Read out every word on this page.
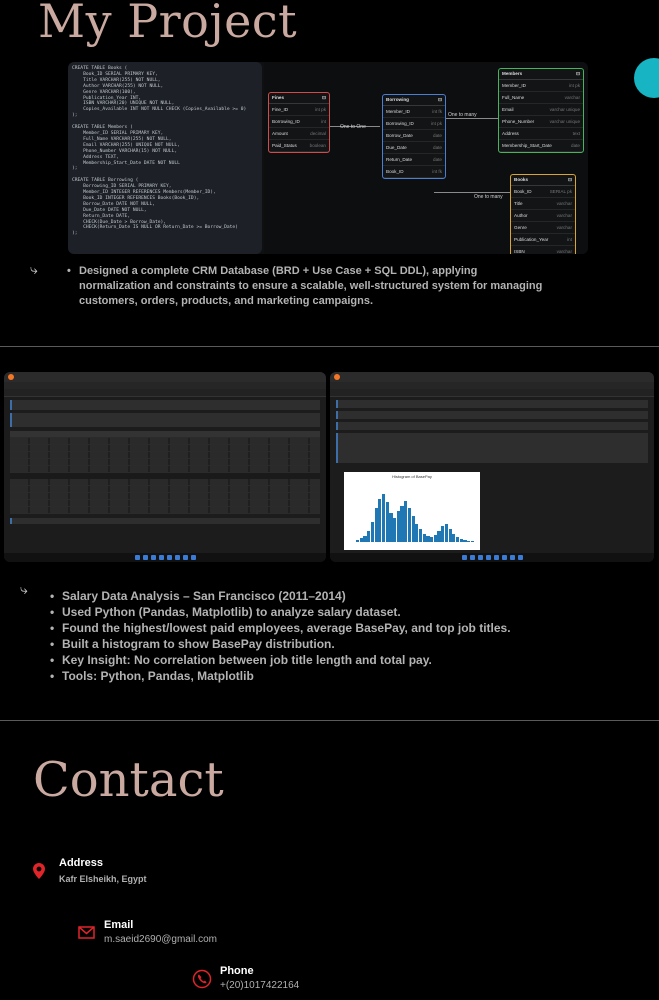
My Project
CREATE TABLE Books (
Book_ID SERIAL PRIMARY KEY,
Title VARCHAR(255) NOT NULL,
Author VARCHAR(255) NOT NULL,
Genre VARCHAR(100),
Publication_Year INT,
ISBN VARCHAR(20) UNIQUE NOT NULL,
Copies_Available INT NOT NULL CHECK (Copies_Available >= 0)
);

CREATE TABLE Members (
Member_ID SERIAL PRIMARY KEY,
Full_Name VARCHAR(255) NOT NULL,
Email VARCHAR(255) UNIQUE NOT NULL,
Phone_Number VARCHAR(15) NOT NULL,
Address TEXT,
Membership_Start_Date DATE NOT NULL
);

CREATE TABLE Borrowing (
Borrowing_ID SERIAL PRIMARY KEY,
Member_ID INTEGER REFERENCES Members(Member_ID),
Book_ID INTEGER REFERENCES Books(Book_ID),
Borrow_Date DATE NOT NULL,
Due_Date DATE NOT NULL,
Return_Date DATE,
CHECK(Due_Date > Borrow_Date),
CHECK(Return_Date IS NULL OR Return_Date >= Borrow_Date)
);
One to One
One to many
One to many
Fines	⊡
Fine_ID	int pk
Borrowing_ID	int
Amount	decimal
Paid_Status	boolean
Borrowing	⊡
Member_ID	int fk
Borrowing_ID	int pk
Borrow_Date	date
Due_Date	date
Return_Date	date
Book_ID	int fk
Members	⊡
Member_ID	int pk
Full_Name	varchar
Email	varchar unique
Phone_Number	varchar unique
Address	text
Membership_Start_Date	date
Books	⊡
Book_ID	SERIAL pk
Title	varchar
Author	varchar
Genre	varchar
Publication_Year	int
ISBN	varchar
⤷	• Designed a complete CRM Database (BRD + Use Case + SQL DDL), applying normalization and constraints to ensure a scalable, well-structured system for managing customers, orders, products, and marketing campaigns.
Histogram of BasePay
⤷
•	Salary Data Analysis – San Francisco (2011–2014)
• Used Python (Pandas, Matplotlib) to analyze salary dataset.
• Found the highest/lowest paid employees, average BasePay, and top job titles.
• Built a histogram to show BasePay distribution.
• Key Insight: No correlation between job title length and total pay.
• Tools: Python, Pandas, Matplotlib
Contact
Address
Kafr Elsheikh, Egypt
Email
m.saeid2690@gmail.com
Phone
+(20)1017422164
